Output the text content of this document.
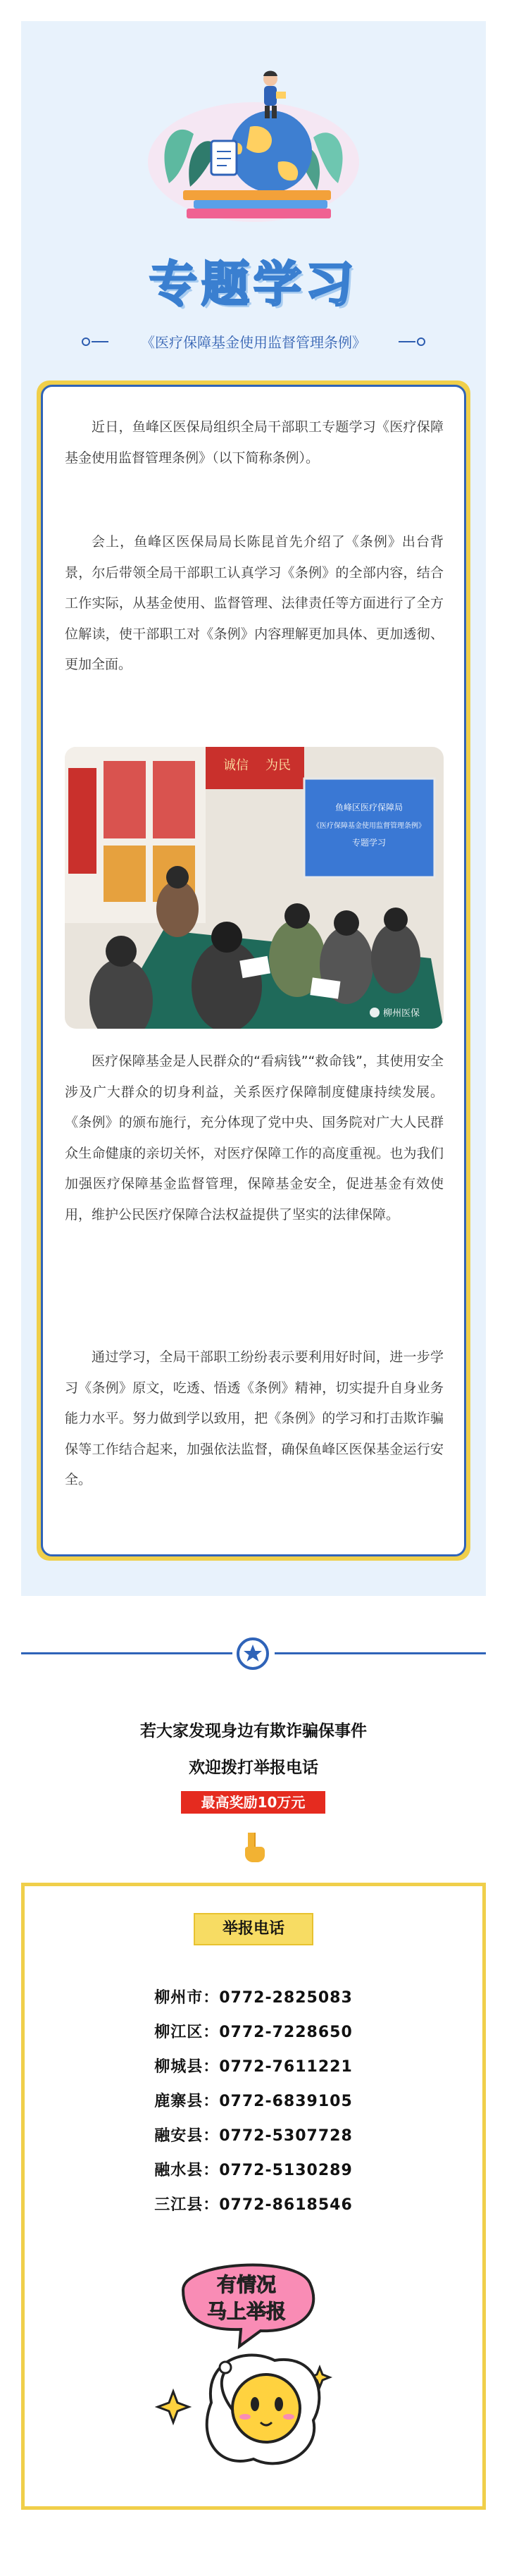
专题学习
《医疗保障基金使用监督管理条例》

近日，鱼峰区医保局组织全局干部职工专题学习《医疗保障基金使用监督管理条例》（以下简称条例）。

会上，鱼峰区医保局局长陈昆首先介绍了《条例》出台背景，尔后带领全局干部职工认真学习《条例》的全部内容，结合工作实际，从基金使用、监督管理、法律责任等方面进行了全方位解读，使干部职工对《条例》内容理解更加具体、更加透彻、更加全面。

诚信 为民
鱼峰区医疗保障局
《医疗保障基金使用监督管理条例》
专题学习
柳州医保

医疗保障基金是人民群众的“看病钱”“救命钱”，其使用安全涉及广大群众的切身利益，关系医疗保障制度健康持续发展。《条例》的颁布施行，充分体现了党中央、国务院对广大人民群众生命健康的亲切关怀，对医疗保障工作的高度重视。也为我们加强医疗保障基金监督管理，保障基金安全，促进基金有效使用，维护公民医疗保障合法权益提供了坚实的法律保障。

通过学习，全局干部职工纷纷表示要利用好时间，进一步学习《条例》原文，吃透、悟透《条例》精神，切实提升自身业务能力水平。努力做到学以致用，把《条例》的学习和打击欺诈骗保等工作结合起来，加强依法监督，确保鱼峰区医保基金运行安全。

若大家发现身边有欺诈骗保事件
欢迎拨打举报电话
最高奖励10万元
举报电话
柳州市：0772-2825083
柳江区：0772-7228650
柳城县：0772-7611221
鹿寨县：0772-6839105
融安县：0772-5307728
融水县：0772-5130289
三江县：0772-8618546
有情况
马上举报
